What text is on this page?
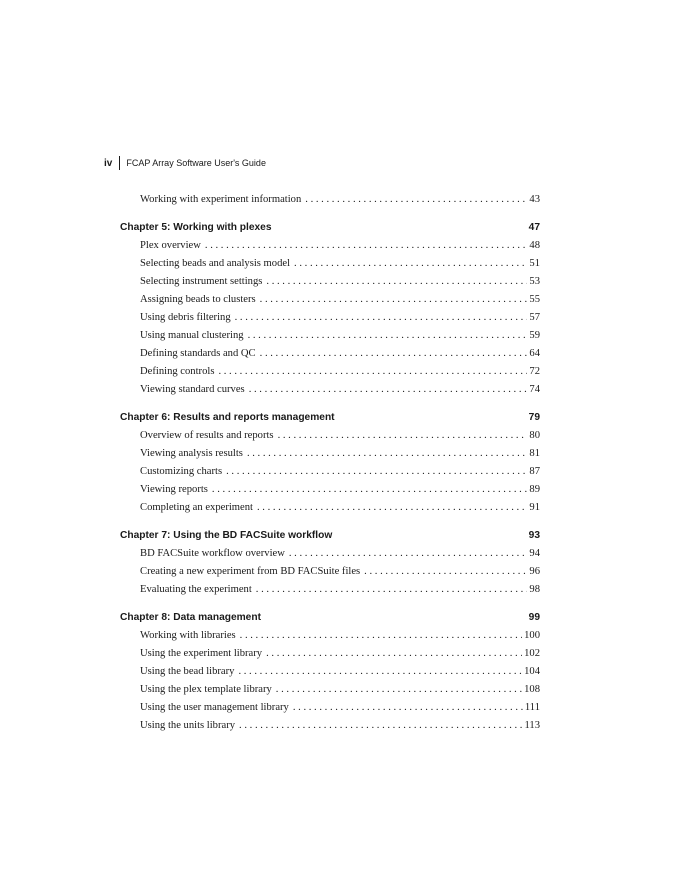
iv FCAP Array Software User's Guide
Working with experiment information . . .	43
Chapter 5: Working with plexes	47
Plex overview . . .	48
Selecting beads and analysis model . . .	51
Selecting instrument settings . . .	53
Assigning beads to clusters . . .	55
Using debris filtering . . .	57
Using manual clustering . . .	59
Defining standards and QC . . .	64
Defining controls . . .	72
Viewing standard curves . . .	74
Chapter 6: Results and reports management	79
Overview of results and reports . . .	80
Viewing analysis results . . .	81
Customizing charts . . .	87
Viewing reports . . .	89
Completing an experiment . . .	91
Chapter 7: Using the BD FACSuite workflow	93
BD FACSuite workflow overview . . .	94
Creating a new experiment from BD FACSuite files . . .	96
Evaluating the experiment . . .	98
Chapter 8: Data management	99
Working with libraries . . .	100
Using the experiment library . . .	102
Using the bead library . . .	104
Using the plex template library . . .	108
Using the user management library . . .	111
Using the units library . . .	113
